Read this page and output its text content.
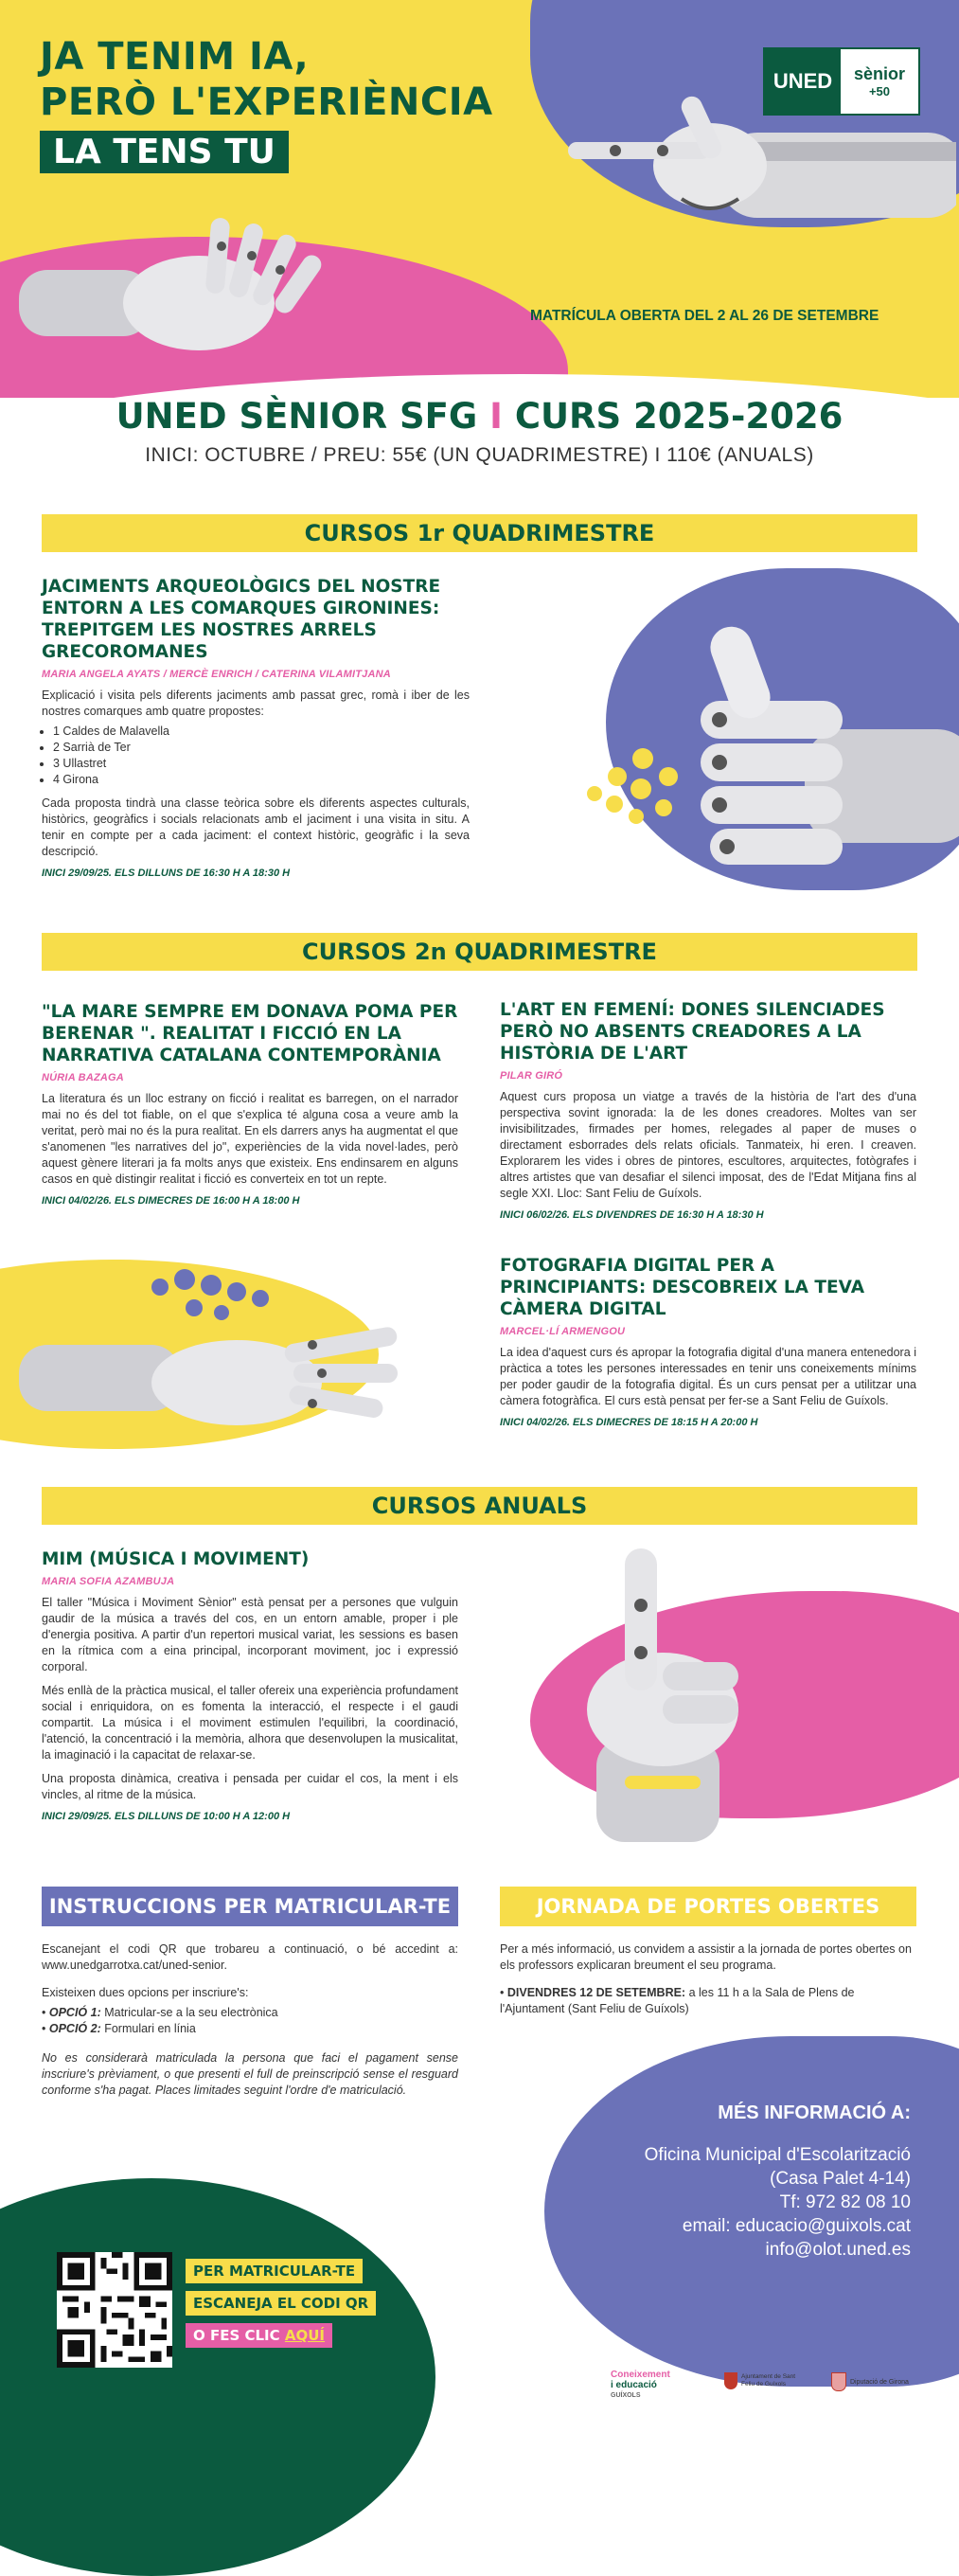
JA TENIM IA,
PERÒ L'EXPERIÈNCIA
LA TENS TU
UNED	sènior
+50
MATRÍCULA OBERTA DEL 2 AL 26 DE SETEMBRE
UNED SÈNIOR SFG I CURS 2025-2026
INICI: OCTUBRE / PREU: 55€ (UN QUADRIMESTRE) I 110€ (ANUALS)
CURSOS 1r QUADRIMESTRE
JACIMENTS ARQUEOLÒGICS DEL NOSTRE ENTORN A LES COMARQUES GIRONINES: TREPITGEM LES NOSTRES ARRELS GRECOROMANES
MARIA ANGELA AYATS / MERCÈ ENRICH / CATERINA VILAMITJANA

Explicació i visita pels diferents jaciments amb passat grec, romà i iber de les nostres comarques amb quatre propostes:

• 1 Caldes de Malavella
• 2 Sarrià de Ter
• 3 Ullastret
• 4 Girona

Cada proposta tindrà una classe teòrica sobre els diferents aspectes culturals, històrics, geogràfics i socials relacionats amb el jaciment i una visita in situ. A tenir en compte per a cada jaciment: el context històric, geogràfic i la seva descripció.

INICI 29/09/25. ELS DILLUNS DE 16:30 H A 18:30 H
CURSOS 2n QUADRIMESTRE
"LA MARE SEMPRE EM DONAVA POMA PER BERENAR ". REALITAT I FICCIÓ EN LA NARRATIVA CATALANA CONTEMPORÀNIA
NÚRIA BAZAGA

La literatura és un lloc estrany on ficció i realitat es barregen, on el narrador mai no és del tot fiable, on el que s'explica té alguna cosa a veure amb la veritat, però mai no és la pura realitat. En els darrers anys ha augmentat el que s'anomenen "les narratives del jo", experiències de la vida novel·lades, però aquest gènere literari ja fa molts anys que existeix. Ens endinsarem en alguns casos en què distingir realitat i ficció es converteix en tot un repte.

INICI 04/02/26. ELS DIMECRES DE 16:00 H A 18:00 H
L'ART EN FEMENÍ: DONES SILENCIADES PERÒ NO ABSENTS CREADORES A LA HISTÒRIA DE L'ART
PILAR GIRÓ

Aquest curs proposa un viatge a través de la història de l'art des d'una perspectiva sovint ignorada: la de les dones creadores. Moltes van ser invisibilitzades, firmades per homes, relegades al paper de muses o directament esborrades dels relats oficials. Tanmateix, hi eren. I creaven. Explorarem les vides i obres de pintores, escultores, arquitectes, fotògrafes i altres artistes que van desafiar el silenci imposat, des de l'Edat Mitjana fins al segle XXI. Lloc: Sant Feliu de Guíxols.

INICI 06/02/26. ELS DIVENDRES DE 16:30 H A 18:30 H
FOTOGRAFIA DIGITAL PER A PRINCIPIANTS: DESCOBREIX LA TEVA CÀMERA DIGITAL
MARCEL·LÍ ARMENGOU

La idea d'aquest curs és apropar la fotografia digital d'una manera entenedora i pràctica a totes les persones interessades en tenir uns coneixements mínims per poder gaudir de la fotografia digital. És un curs pensat per a utilitzar una càmera fotogràfica. El curs està pensat per fer-se a Sant Feliu de Guíxols.

INICI 04/02/26. ELS DIMECRES DE 18:15 H A 20:00 H
CURSOS ANUALS
MIM (MÚSICA I MOVIMENT)
MARIA SOFIA AZAMBUJA

El taller "Música i Moviment Sènior" està pensat per a persones que vulguin gaudir de la música a través del cos, en un entorn amable, proper i ple d'energia positiva. A partir d'un repertori musical variat, les sessions es basen en la rítmica com a eina principal, incorporant moviment, joc i expressió corporal.

Més enllà de la pràctica musical, el taller ofereix una experiència profundament social i enriquidora, on es fomenta la interacció, el respecte i el gaudi compartit. La música i el moviment estimulen l'equilibri, la coordinació, l'atenció, la concentració i la memòria, alhora que desenvolupen la musicalitat, la imaginació i la capacitat de relaxar-se.

Una proposta dinàmica, creativa i pensada per cuidar el cos, la ment i els vincles, al ritme de la música.

INICI 29/09/25. ELS DILLUNS DE 10:00 H A 12:00 H
INSTRUCCIONS PER MATRICULAR-TE

Escanejant el codi QR que trobareu a continuació, o bé accedint a: www.unedgarrotxa.cat/uned-senior.

Existeixen dues opcions per inscriure's:

• OPCIÓ 1: Matricular-se a la seu electrònica
• OPCIÓ 2: Formulari en línia

No es considerarà matriculada la persona que faci el pagament sense inscriure's prèviament, o que presenti el full de preinscripció sense el resguard conforme s'ha pagat. Places limitades seguint l'ordre d'e matriculació.

JORNADA DE PORTES OBERTES

Per a més informació, us convidem a assistir a la jornada de portes obertes on els professors explicaran breument el seu programa.

• DIVENDRES 12 DE SETEMBRE: a les 11 h a la Sala de Plens de l'Ajuntament (Sant Feliu de Guíxols)
MÉS INFORMACIÓ A:
Oficina Municipal d'Escolarització
(Casa Palet 4-14)
Tf: 972 82 08 10
email: educacio@guixols.cat
info@olot.uned.es
PER MATRICULAR-TE
ESCANEJA EL CODI QR
O FES CLIC AQUÍ
Coneixement
i educació
GUÍXOLS
Ajuntament de Sant Feliu de Guíxols	Diputació de Girona
